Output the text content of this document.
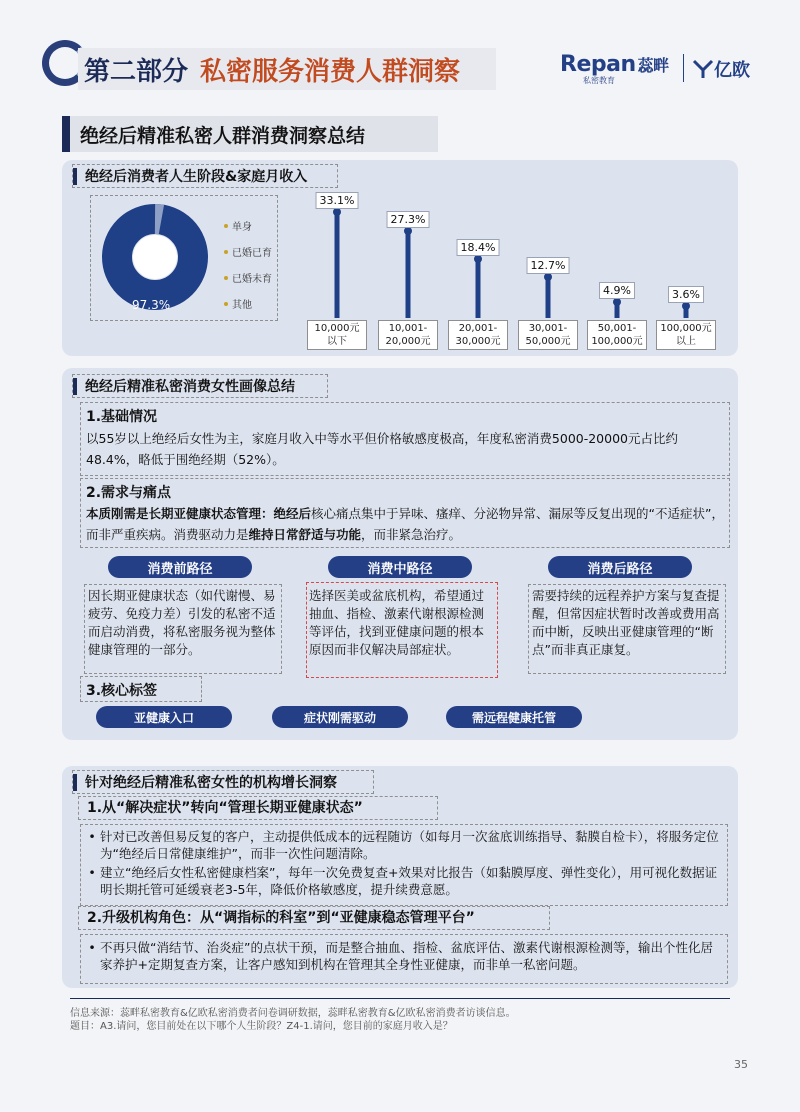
第二部分 私密服务消费人群洞察	Repan 蕊畔
私密教育	亿欧
绝经后精准私密人群消费洞察总结
绝经后消费者人生阶段&家庭月收入
97.3%
单身
已婚已育
已婚未育
其他
33.1%
10,000元
以下
27.3%
10,001-
20,000元
18.4%
20,001-
30,000元
12.7%
30,001-
50,000元
4.9%
50,001-
100,000元
3.6%
100,000元
以上
绝经后精准私密消费女性画像总结
1.基础情况
以55岁以上绝经后女性为主，家庭月收入中等水平但价格敏感度极高，年度私密消费5000-20000元占比约48.4%，略低于围绝经期（52%）。
2.需求与痛点
本质刚需是长期亚健康状态管理：绝经后核心痛点集中于异味、瘙痒、分泌物异常、漏尿等反复出现的“不适症状”，而非严重疾病。消费驱动力是维持日常舒适与功能，而非紧急治疗。
消费前路径	消费中路径	消费后路径
因长期亚健康状态（如代谢慢、易疲劳、免疫力差）引发的私密不适而启动消费，将私密服务视为整体健康管理的一部分。
选择医美或盆底机构，希望通过抽血、指检、激素代谢根源检测等评估，找到亚健康问题的根本原因而非仅解决局部症状。
需要持续的远程养护方案与复查提醒，但常因症状暂时改善或费用高而中断，反映出亚健康管理的“断点”而非真正康复。
3.核心标签
亚健康入口	症状刚需驱动	需远程健康托管
针对绝经后精准私密女性的机构增长洞察
1.从“解决症状”转向“管理长期亚健康状态”
• 针对已改善但易反复的客户，主动提供低成本的远程随访（如每月一次盆底训练指导、黏膜自检卡），将服务定位为“绝经后日常健康维护”，而非一次性问题清除。
• 建立“绝经后女性私密健康档案”，每年一次免费复查+效果对比报告（如黏膜厚度、弹性变化），用可视化数据证明长期托管可延缓衰老3-5年，降低价格敏感度，提升续费意愿。
2.升级机构角色：从“调指标的科室”到“亚健康稳态管理平台”
• 不再只做“消结节、治炎症”的点状干预，而是整合抽血、指检、盆底评估、激素代谢根源检测等，输出个性化居家养护+定期复查方案，让客户感知到机构在管理其全身性亚健康，而非单一私密问题。
信息来源：蕊畔私密教育&亿欧私密消费者问卷调研数据，蕊畔私密教育&亿欧私密消费者访谈信息。
题目：A3.请问，您目前处在以下哪个人生阶段？Z4-1.请问，您目前的家庭月收入是？
35
